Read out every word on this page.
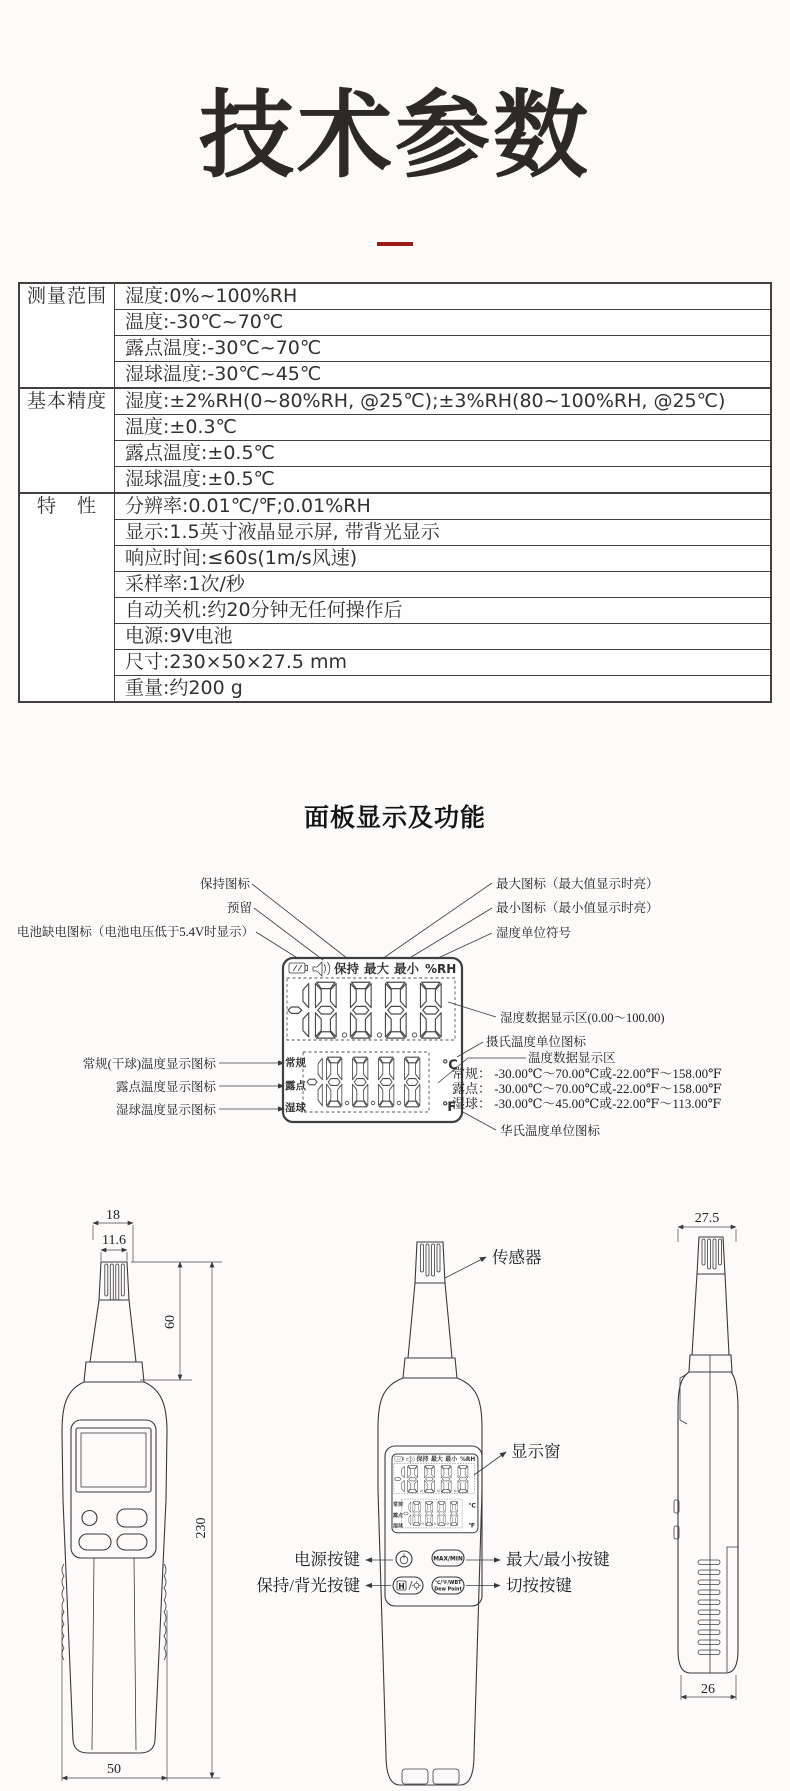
技术参数
测量范围	湿度:0%~100%RH
	温度:-30℃~70℃
	露点温度:-30℃~70℃
	湿球温度:-30℃~45℃
基本精度	湿度:±2%RH(0~80%RH, @25℃);±3%RH(80~100%RH, @25℃)
	温度:±0.3℃
	露点温度:±0.5℃
	湿球温度:±0.5℃
特　性	分辨率:0.01℃/℉;0.01%RH
	显示:1.5英寸液晶显示屏, 带背光显示
	响应时间:≤60s(1m/s风速)
	采样率:1次/秒
	自动关机:约20分钟无任何操作后
	电源:9V电池
	尺寸:230×50×27.5 mm
	重量:约200 g
面板显示及功能
保持 最大 最小 %RH
常规
露点
湿球
℃
℉
保持图标
预留
电池缺电图标（电池电压低于5.4V时显示）
最大图标（最大值显示时亮）
最小图标（最小值显示时亮）
湿度单位符号
湿度数据显示区(0.00～100.00)
摄氏温度单位图标
温度数据显示区
常规： -30.00℃～70.00℃或-22.00℉～158.00℉
露点： -30.00℃～70.00℃或-22.00℉～158.00℉
湿球： -30.00℃～45.00℃或-22.00℉～113.00℉
华氏温度单位图标
常规(干球)温度显示图标
露点温度显示图标
湿球温度显示图标
18
11.6
60
230
50
MAX/MIN
H	℃/℉/WBT
Dew Point
传感器
显示窗
电源按键	最大/最小按键
保持/背光按键	切按按键
27.5
26
